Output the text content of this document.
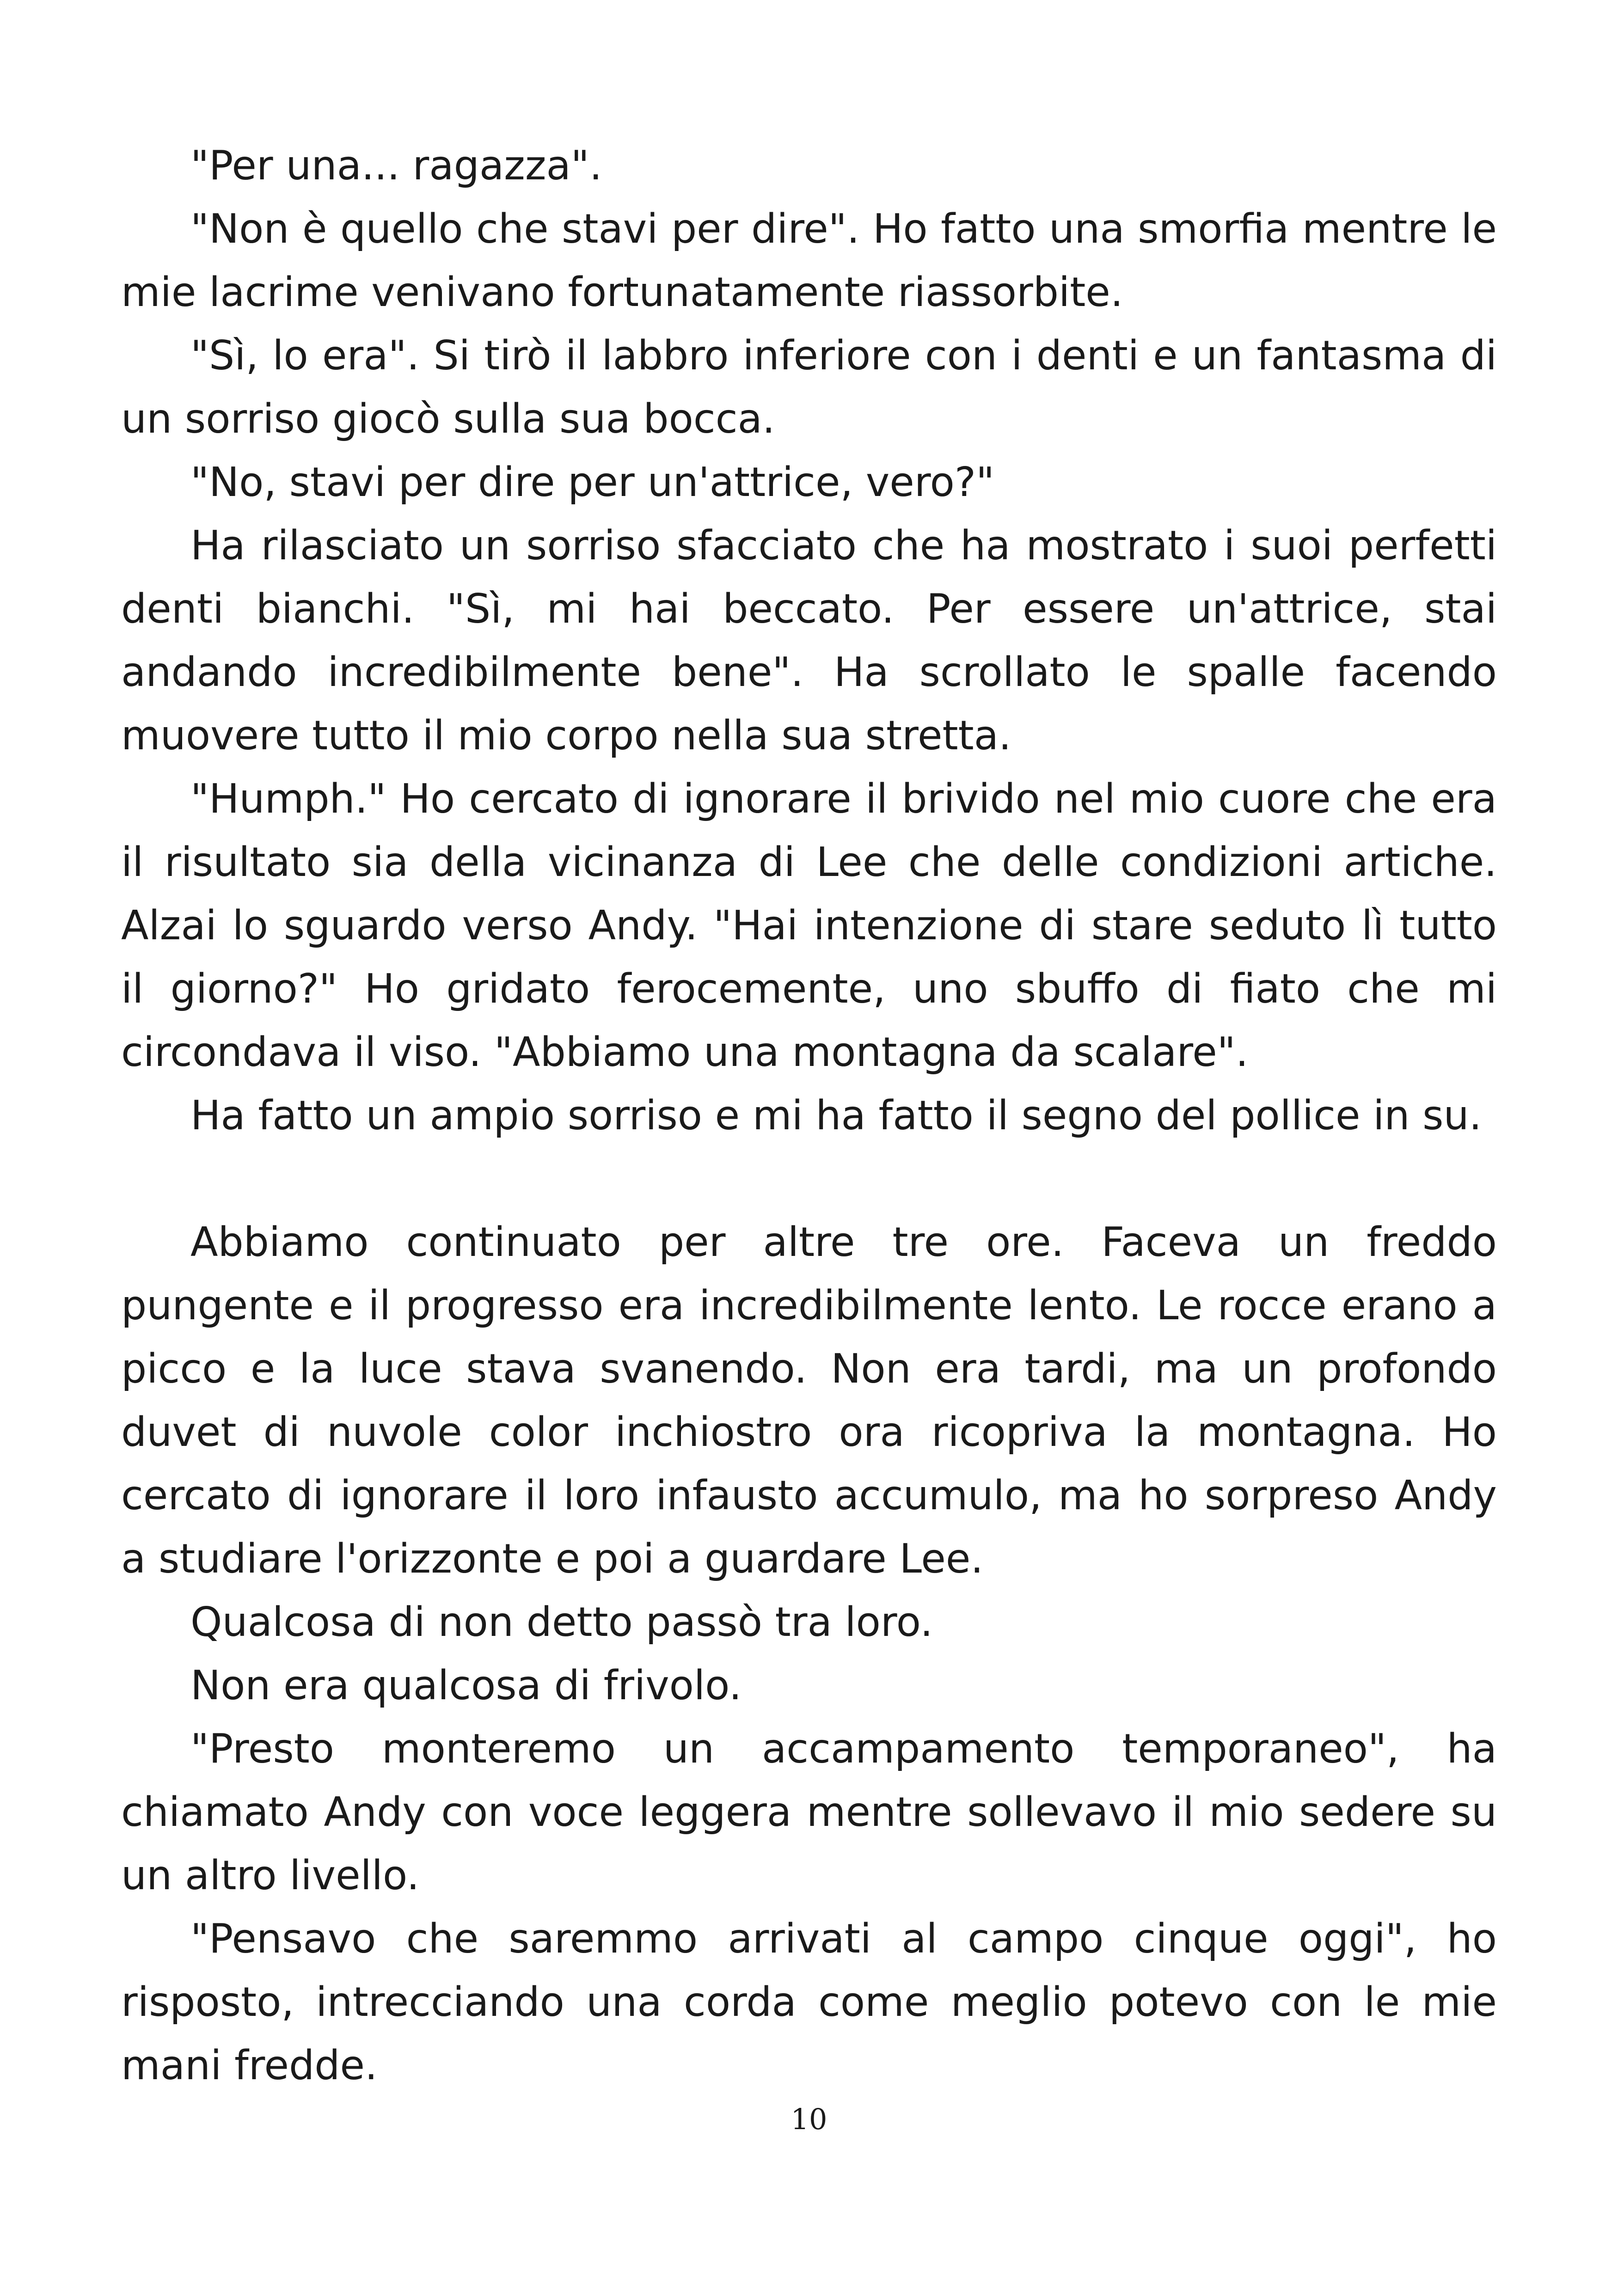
"Per una... ragazza".

"Non è quello che stavi per dire". Ho fatto una smorfia mentre le mie lacrime venivano fortunatamente riassorbite.

"Sì, lo era". Si tirò il labbro inferiore con i denti e un fantasma di un sorriso giocò sulla sua bocca.

"No, stavi per dire per un'attrice, vero?"

Ha rilasciato un sorriso sfacciato che ha mostrato i suoi perfetti denti bianchi. "Sì, mi hai beccato. Per essere un'attrice, stai andando incredibilmente bene". Ha scrollato le spalle facendo muovere tutto il mio corpo nella sua stretta.

"Humph." Ho cercato di ignorare il brivido nel mio cuore che era il risultato sia della vicinanza di Lee che delle condizioni artiche. Alzai lo sguardo verso Andy. "Hai intenzione di stare seduto lì tutto il giorno?" Ho gridato ferocemente, uno sbuffo di fiato che mi circondava il viso. "Abbiamo una montagna da scalare".

Ha fatto un ampio sorriso e mi ha fatto il segno del pollice in su.

Abbiamo continuato per altre tre ore. Faceva un freddo pungente e il progresso era incredibilmente lento. Le rocce erano a picco e la luce stava svanendo. Non era tardi, ma un profondo duvet di nuvole color inchiostro ora ricopriva la montagna. Ho cercato di ignorare il loro infausto accumulo, ma ho sorpreso Andy a studiare l'orizzonte e poi a guardare Lee.

Qualcosa di non detto passò tra loro.

Non era qualcosa di frivolo.

"Presto monteremo un accampamento temporaneo", ha chiamato Andy con voce leggera mentre sollevavo il mio sedere su un altro livello.

"Pensavo che saremmo arrivati al campo cinque oggi", ho risposto, intrecciando una corda come meglio potevo con le mie mani fredde.

10
